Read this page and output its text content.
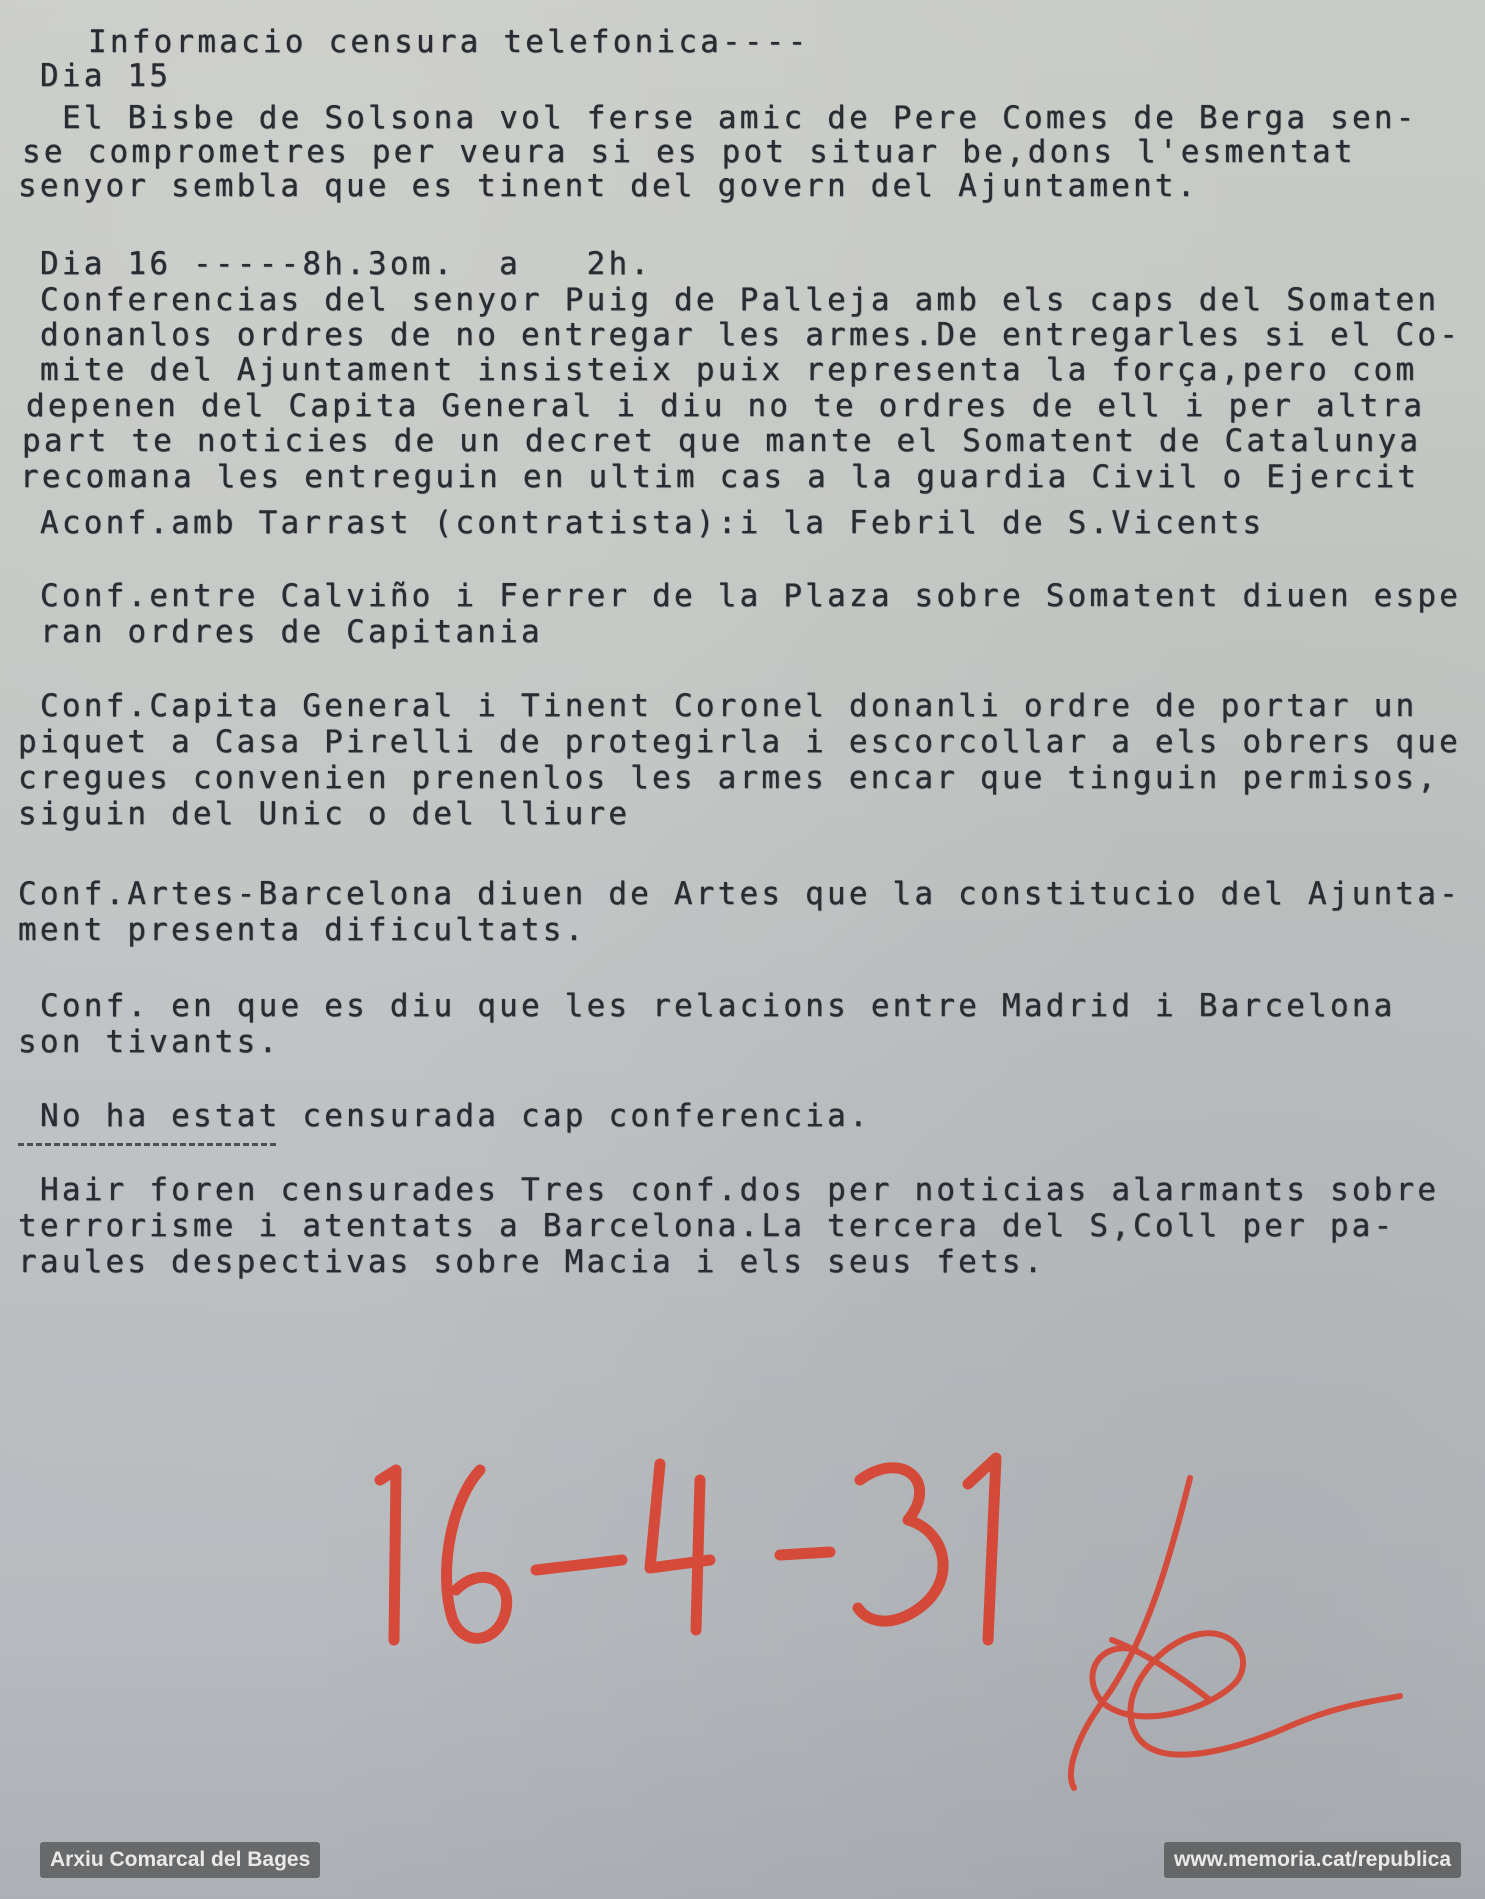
Informacio censura telefonica----

Dia 15

El Bisbe de Solsona vol ferse amic de Pere Comes de Berga sen-

se comprometres per veura si es pot situar be,dons l'esmentat

senyor sembla que es tinent del govern del Ajuntament.

Dia 16 -----8h.3om.  a   2h.

Conferencias del senyor Puig de Palleja amb els caps del Somaten

donanlos ordres de no entregar les armes.De entregarles si el Co-

mite del Ajuntament insisteix puix representa la força,pero com

depenen del Capita General i diu no te ordres de ell i per altra

part te noticies de un decret que mante el Somatent de Catalunya

recomana les entreguin en ultim cas a la guardia Civil o Ejercit

Aconf.amb Tarrast (contratista):i la Febril de S.Vicents

Conf.entre Calviño i Ferrer de la Plaza sobre Somatent diuen espe

ran ordres de Capitania

Conf.Capita General i Tinent Coronel donanli ordre de portar un

piquet a Casa Pirelli de protegirla i escorcollar a els obrers que

cregues convenien prenenlos les armes encar que tinguin permisos,

siguin del Unic o del lliure

Conf.Artes-Barcelona diuen de Artes que la constitucio del Ajunta-

ment presenta dificultats.

Conf. en que es diu que les relacions entre Madrid i Barcelona

son tivants.

No ha estat censurada cap conferencia.

Hair foren censurades Tres conf.dos per noticias alarmants sobre

terrorisme i atentats a Barcelona.La tercera del S,Coll per pa-

raules despectivas sobre Macia i els seus fets.

Arxiu Comarcal del Bages	www.memoria.cat/republica
